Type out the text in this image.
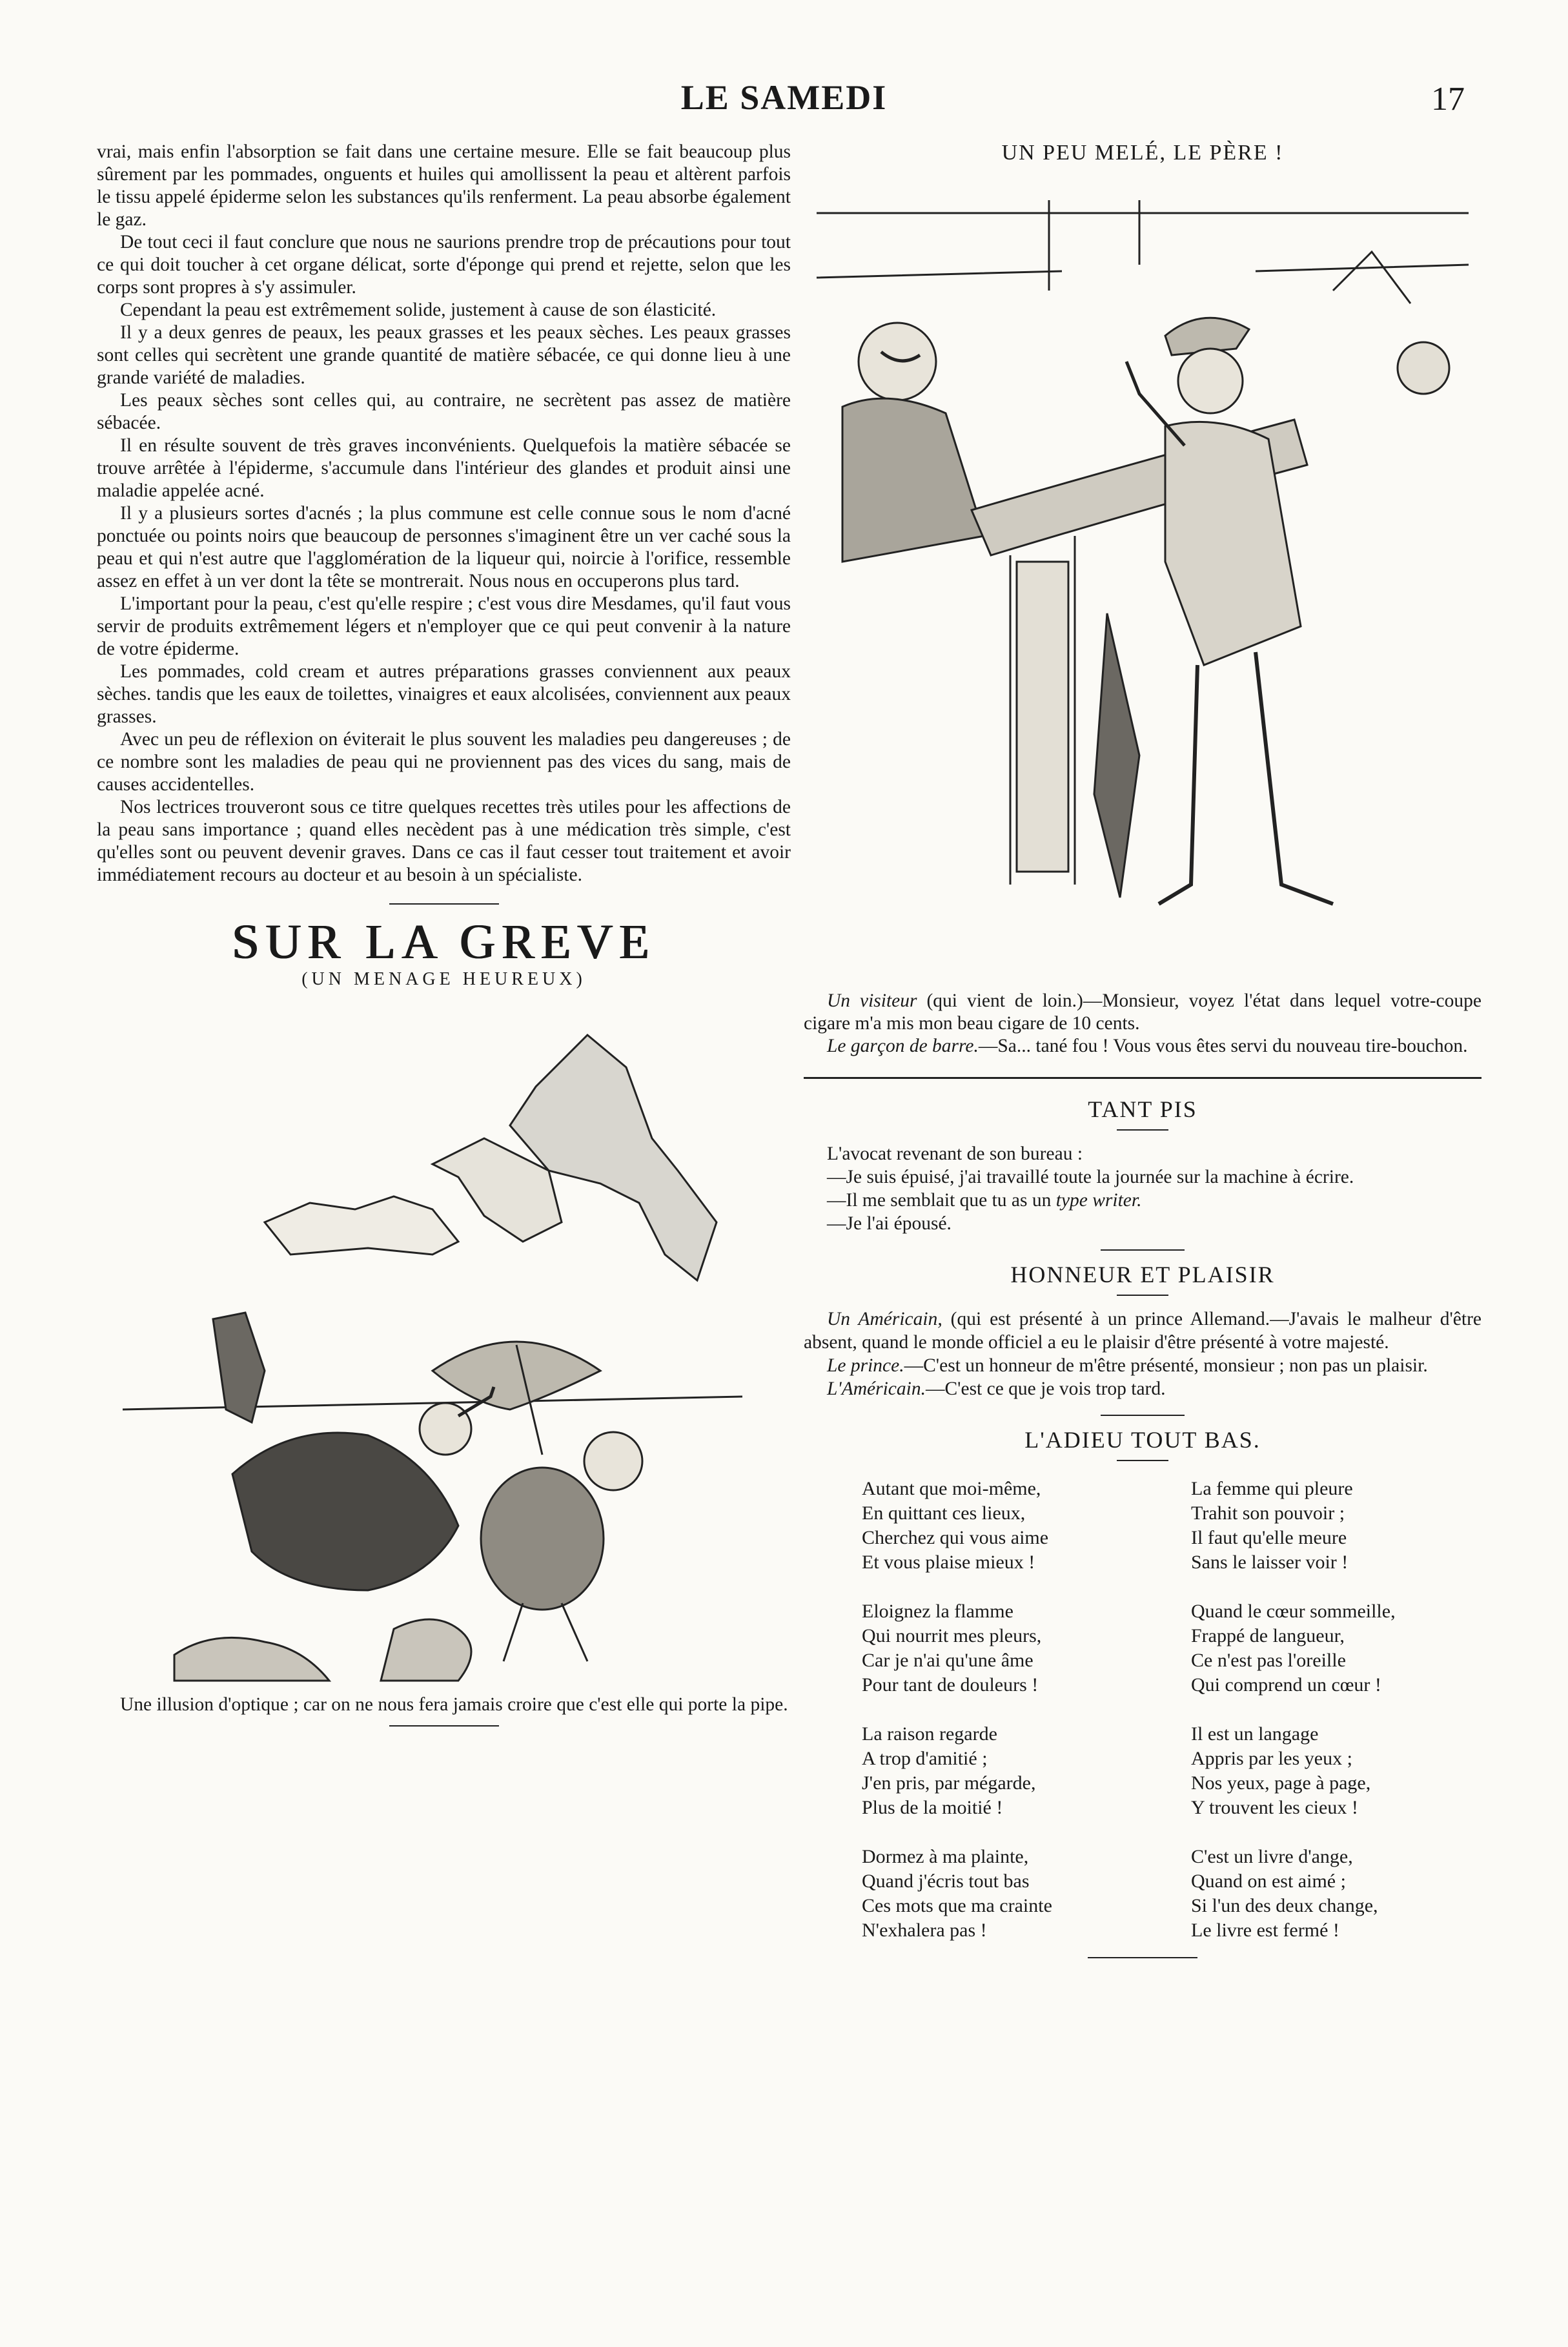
LE SAMEDI	17

vrai, mais enfin l'absorption se fait dans une certaine mesure. Elle se fait beaucoup plus sûrement par les pommades, onguents et huiles qui amollissent la peau et altèrent parfois le tissu appelé épiderme selon les substances qu'ils renferment. La peau absorbe également le gaz.

De tout ceci il faut conclure que nous ne saurions prendre trop de précautions pour tout ce qui doit toucher à cet organe délicat, sorte d'éponge qui prend et rejette, selon que les corps sont propres à s'y assimuler.

Cependant la peau est extrêmement solide, justement à cause de son élasticité.

Il y a deux genres de peaux, les peaux grasses et les peaux sèches. Les peaux grasses sont celles qui secrètent une grande quantité de matière sébacée, ce qui donne lieu à une grande variété de maladies.

Les peaux sèches sont celles qui, au contraire, ne secrètent pas assez de matière sébacée.

Il en résulte souvent de très graves inconvénients. Quelquefois la matière sébacée se trouve arrêtée à l'épiderme, s'accumule dans l'intérieur des glandes et produit ainsi une maladie appelée acné.

Il y a plusieurs sortes d'acnés ; la plus commune est celle connue sous le nom d'acné ponctuée ou points noirs que beaucoup de personnes s'imaginent être un ver caché sous la peau et qui n'est autre que l'agglomération de la liqueur qui, noircie à l'orifice, ressemble assez en effet à un ver dont la tête se montrerait. Nous nous en occuperons plus tard.

L'important pour la peau, c'est qu'elle respire ; c'est vous dire Mesdames, qu'il faut vous servir de produits extrêmement légers et n'employer que ce qui peut convenir à la nature de votre épiderme.

Les pommades, cold cream et autres préparations grasses conviennent aux peaux sèches. tandis que les eaux de toilettes, vinaigres et eaux alcolisées, conviennent aux peaux grasses.

Avec un peu de réflexion on éviterait le plus souvent les maladies peu dangereuses ; de ce nombre sont les maladies de peau qui ne proviennent pas des vices du sang, mais de causes accidentelles.

Nos lectrices trouveront sous ce titre quelques recettes très utiles pour les affections de la peau sans importance ; quand elles necèdent pas à une médication très simple, c'est qu'elles sont ou peuvent devenir graves. Dans ce cas il faut cesser tout traitement et avoir immédiatement recours au docteur et au besoin à un spécialiste.

SUR LA GREVE
(UN MENAGE HEUREUX)
Une illusion d'optique ; car on ne nous fera jamais croire que c'est elle qui porte la pipe.
UN PEU MELÉ, LE PÈRE !
Un visiteur (qui vient de loin.)—Monsieur, voyez l'état dans lequel votre-coupe cigare m'a mis mon beau cigare de 10 cents.
Le garçon de barre.—Sa... tané fou ! Vous vous êtes servi du nouveau tire-bouchon.
TANT PIS

L'avocat revenant de son bureau :

—Je suis épuisé, j'ai travaillé toute la journée sur la machine à écrire.

—Il me semblait que tu as un type writer.

—Je l'ai épousé.

HONNEUR ET PLAISIR

Un Américain, (qui est présenté à un prince Allemand.—J'avais le malheur d'être absent, quand le monde officiel a eu le plaisir d'être présenté à votre majesté.

Le prince.—C'est un honneur de m'être présenté, monsieur ; non pas un plaisir.

L'Américain.—C'est ce que je vois trop tard.

L'ADIEU TOUT BAS.
Autant que moi-même,
En quittant ces lieux,
Cherchez qui vous aime
Et vous plaise mieux !
Eloignez la flamme
Qui nourrit mes pleurs,
Car je n'ai qu'une âme
Pour tant de douleurs !
La raison regarde
A trop d'amitié ;
J'en pris, par mégarde,
Plus de la moitié !
Dormez à ma plainte,
Quand j'écris tout bas
Ces mots que ma crainte
N'exhalera pas !
La femme qui pleure
Trahit son pouvoir ;
Il faut qu'elle meure
Sans le laisser voir !
Quand le cœur sommeille,
Frappé de langueur,
Ce n'est pas l'oreille
Qui comprend un cœur !
Il est un langage
Appris par les yeux ;
Nos yeux, page à page,
Y trouvent les cieux !
C'est un livre d'ange,
Quand on est aimé ;
Si l'un des deux change,
Le livre est fermé !
